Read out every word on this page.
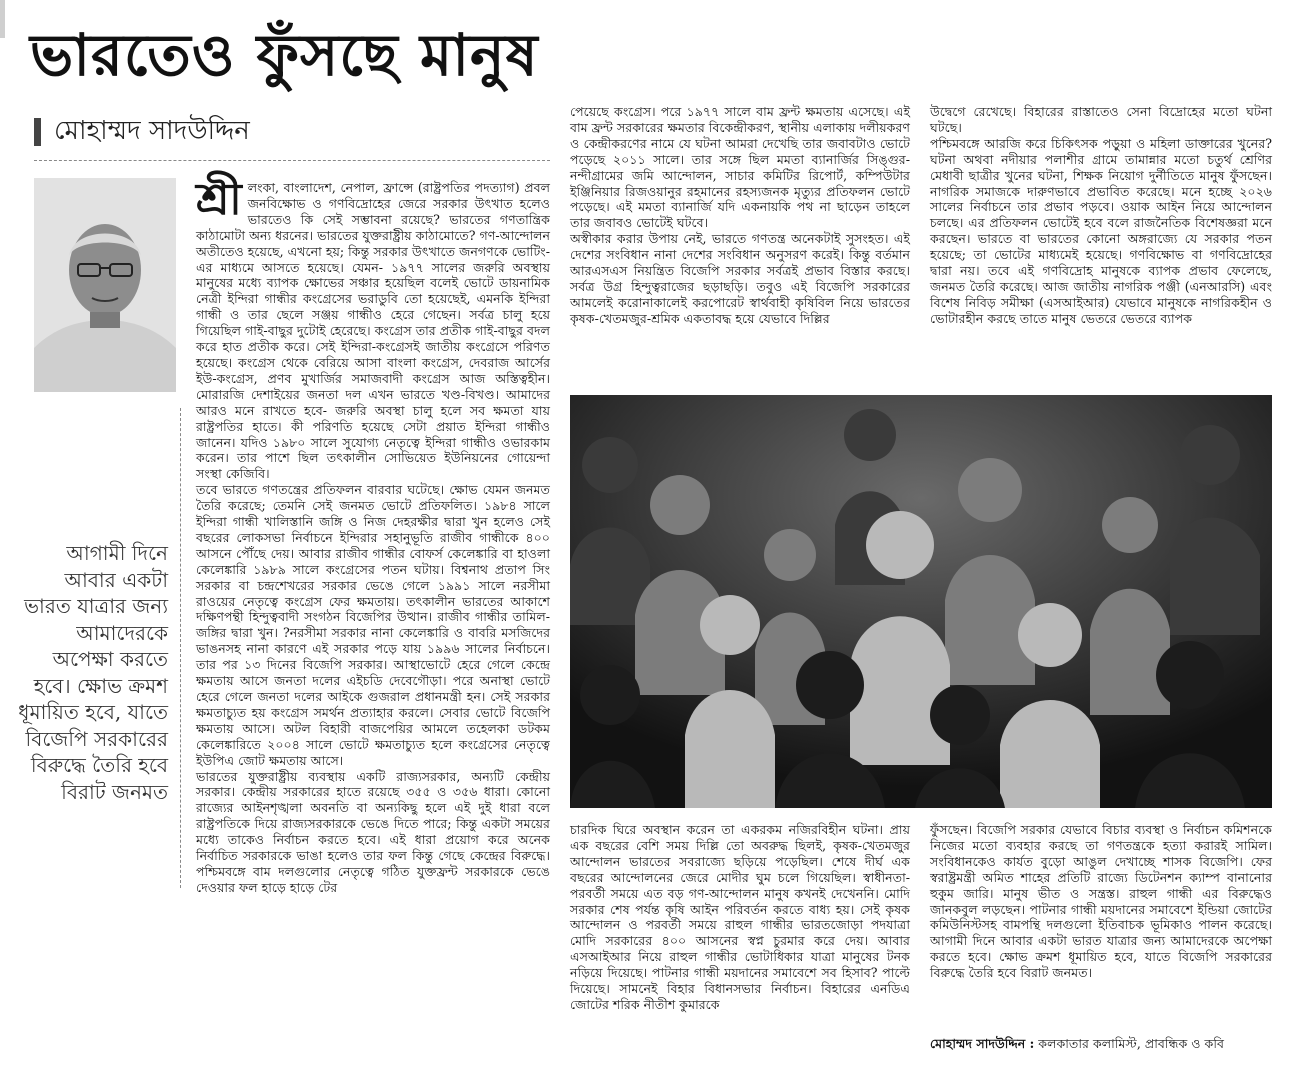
ভারতেও ফুঁসছে মানুষ
মোহাম্মদ সাদউদ্দিন
আগামী দিনে আবার একটা ভারত যাত্রার জন্য আমাদেরকে অপেক্ষা করতে হবে। ক্ষোভ ক্রমশ ধূমায়িত হবে, যাতে বিজেপি সরকারের বিরুদ্ধে তৈরি হবে বিরাট জনমত

শ্রী লংকা, বাংলাদেশ, নেপাল, ফ্রান্সে (রাষ্ট্রপতির পদত্যাগ) প্রবল জনবিক্ষোভ ও গণবিদ্রোহের জেরে সরকার উৎখাত হলেও ভারতেও কি সেই সম্ভাবনা রয়েছে? ভারতের গণতান্ত্রিক কাঠামোটা অন্য ধরনের। ভারতের যুক্তরাষ্ট্রীয় কাঠামোতে? গণ-আন্দোলন অতীতেও হয়েছে, এখনো হয়; কিন্তু সরকার উৎখাতে জনগণকে ভোটিং-এর মাধ্যমে আসতে হয়েছে। যেমন- ১৯৭৭ সালের জরুরি অবস্থায় মানুষের মধ্যে ব্যাপক ক্ষোভের সঞ্চার হয়েছিল বলেই ভোটে ডায়নামিক নেত্রী ইন্দিরা গান্ধীর কংগ্রেসের ভরাডুবি তো হয়েছেই, এমনকি ইন্দিরা গান্ধী ও তার ছেলে সঞ্জয় গান্ধীও হেরে গেছেন। সর্বত্র চালু হয়ে গিয়েছিল গাই-বাছুর দুটোই হেরেছে। কংগ্রেস তার প্রতীক গাই-বাছুর বদল করে হাত প্রতীক করে। সেই ইন্দিরা-কংগ্রেসই জাতীয় কংগ্রেসে পরিণত হয়েছে। কংগ্রেস থেকে বেরিয়ে আসা বাংলা কংগ্রেস, দেবরাজ আর্সের ইউ-কংগ্রেস, প্রণব মুখার্জির সমাজবাদী কংগ্রেস আজ অস্তিত্বহীন। মোরারজি দেশাইয়ের জনতা দল এখন ভারতে খণ্ড-বিখণ্ড। আমাদের আরও মনে রাখতে হবে- জরুরি অবস্থা চালু হলে সব ক্ষমতা যায় রাষ্ট্রপতির হাতে। কী পরিণতি হয়েছে সেটা প্রয়াত ইন্দিরা গান্ধীও জানেন। যদিও ১৯৮০ সালে সুযোগ্য নেতৃত্বে ইন্দিরা গান্ধীও ওভারকাম করেন। তার পাশে ছিল তৎকালীন সোভিয়েত ইউনিয়নের গোয়েন্দা সংস্থা কেজিবি।

তবে ভারতে গণতন্ত্রের প্রতিফলন বারবার ঘটেছে। ক্ষোভ যেমন জনমত তৈরি করেছে; তেমনি সেই জনমত ভোটে প্রতিফলিত। ১৯৮৪ সালে ইন্দিরা গান্ধী খালিস্তানি জঙ্গি ও নিজ দেহরক্ষীর দ্বারা খুন হলেও সেই বছরের লোকসভা নির্বাচনে ইন্দিরার সহানুভূতি রাজীব গান্ধীকে ৪০০ আসনে পৌঁছে দেয়। আবার রাজীব গান্ধীর বোফর্স কেলেঙ্কারি বা হাওলা কেলেঙ্কারি ১৯৮৯ সালে কংগ্রেসের পতন ঘটায়। বিশ্বনাথ প্রতাপ সিং সরকার বা চন্দ্রশেখরের সরকার ভেঙে গেলে ১৯৯১ সালে নরসীমা রাওয়ের নেতৃত্বে কংগ্রেস ফের ক্ষমতায়। তৎকালীন ভারতের আকাশে দক্ষিণপন্থী হিন্দুত্ববাদী সংগঠন বিজেপির উত্থান। রাজীব গান্ধীর তামিল-জঙ্গির দ্বারা খুন। ?নরসীমা সরকার নানা কেলেঙ্কারি ও বাবরি মসজিদের ভাঙনসহ নানা কারণে এই সরকার পড়ে যায় ১৯৯৬ সালের নির্বাচনে। তার পর ১৩ দিনের বিজেপি সরকার। আস্থাভোটে হেরে গেলে কেন্দ্রে ক্ষমতায় আসে জনতা দলের এইচডি দেবেগৌড়া। পরে অনাস্থা ভোটে হেরে গেলে জনতা দলের আইকে গুজরাল প্রধানমন্ত্রী হন। সেই সরকার ক্ষমতাচ্যুত হয় কংগ্রেস সমর্থন প্রত্যাহার করলে। সেবার ভোটে বিজেপি ক্ষমতায় আসে। অটল বিহারী বাজপেয়ির আমলে তহেলকা ডটকম কেলেঙ্কারিতে ২০০৪ সালে ভোটে ক্ষমতাচ্যুত হলে কংগ্রেসের নেতৃত্বে ইউপিএ জোট ক্ষমতায় আসে।

ভারতের যুক্তরাষ্ট্রীয় ব্যবস্থায় একটি রাজ্যসরকার, অন্যটি কেন্দ্রীয় সরকার। কেন্দ্রীয় সরকারের হাতে রয়েছে ৩৫৫ ও ৩৫৬ ধারা। কোনো রাজ্যের আইনশৃঙ্খলা অবনতি বা অন্যকিছু হলে এই দুই ধারা বলে রাষ্ট্রপতিকে দিয়ে রাজ্যসরকারকে ভেঙে দিতে পারে; কিন্তু একটা সময়ের মধ্যে তাকেও নির্বাচন করতে হবে। এই ধারা প্রয়োগ করে অনেক নির্বাচিত সরকারকে ভাঙা হলেও তার ফল কিন্তু গেছে কেন্দ্রের বিরুদ্ধে। পশ্চিমবঙ্গে বাম দলগুলোর নেতৃত্বে গঠিত যুক্তফ্রন্ট সরকারকে ভেঙে দেওয়ার ফল হাড়ে হাড়ে টের

পেয়েছে কংগ্রেস। পরে ১৯৭৭ সালে বাম ফ্রন্ট ক্ষমতায় এসেছে। এই বাম ফ্রন্ট সরকারের ক্ষমতার বিকেন্দ্রীকরণ, স্থানীয় এলাকায় দলীয়করণ ও কেন্দ্রীকরণের নামে যে ঘটনা আমরা দেখেছি তার জবাবটাও ভোটে পড়েছে ২০১১ সালে। তার সঙ্গে ছিল মমতা ব্যানার্জির সিঙ্গুর-নন্দীগ্রামের জমি আন্দোলন, সাচার কমিটির রিপোর্ট, কম্পিউটার ইঞ্জিনিয়ার রিজওয়ানুর রহমানের রহস্যজনক মৃত্যুর প্রতিফলন ভোটে পড়েছে। এই মমতা ব্যানার্জি যদি একনায়কি পথ না ছাড়েন তাহলে তার জবাবও ভোটেই ঘটবে।

অস্বীকার করার উপায় নেই, ভারতে গণতন্ত্র অনেকটাই সুসংহত। এই দেশের সংবিধান নানা দেশের সংবিধান অনুসরণ করেই। কিন্তু বর্তমান আরএসএস নিয়ন্ত্রিত বিজেপি সরকার সর্বত্রই প্রভাব বিস্তার করছে। সর্বত্র উগ্র হিন্দুত্বরাজের ছড়াছড়ি। তবুও এই বিজেপি সরকারের আমলেই করোনাকালেই করপোরেট স্বার্থবাহী কৃষিবিল নিয়ে ভারতের কৃষক-খেতমজুর-শ্রমিক একতাবদ্ধ হয়ে যেভাবে দিল্লির

উদ্বেগে রেখেছে। বিহারের রাস্তাতেও সেনা বিদ্রোহের মতো ঘটনা ঘটছে।

পশ্চিমবঙ্গে আরজি করে চিকিৎসক পড়ুয়া ও মহিলা ডাক্তারের খুনের? ঘটনা অথবা নদীয়ার পলাশীর গ্রামে তামান্নার মতো চতুর্থ শ্রেণির মেধাবী ছাত্রীর খুনের ঘটনা, শিক্ষক নিয়োগ দুর্নীতিতে মানুষ ফুঁসছেন। নাগরিক সমাজকে দারুণভাবে প্রভাবিত করেছে। মনে হচ্ছে ২০২৬ সালের নির্বাচনে তার প্রভাব পড়বে। ওয়াক আইন নিয়ে আন্দোলন চলছে। এর প্রতিফলন ভোটেই হবে বলে রাজনৈতিক বিশেষজ্ঞরা মনে করছেন। ভারতে বা ভারতের কোনো অঙ্গরাজ্যে যে সরকার পতন হয়েছে; তা ভোটের মাধ্যমেই হয়েছে। গণবিক্ষোভ বা গণবিদ্রোহের দ্বারা নয়। তবে এই গণবিদ্রোহ মানুষকে ব্যাপক প্রভাব ফেলেছে, জনমত তৈরি করেছে। আজ জাতীয় নাগরিক পঞ্জী (এনআরসি) এবং বিশেষ নিবিড় সমীক্ষা (এসআইআর) যেভাবে মানুষকে নাগরিকহীন ও ভোটারহীন করছে তাতে মানুষ ভেতরে ভেতরে ব্যাপক

চারদিক ঘিরে অবস্থান করেন তা একরকম নজিরবিহীন ঘটনা। প্রায় এক বছরের বেশি সময় দিল্লি তো অবরুদ্ধ ছিলই, কৃষক-খেতমজুর আন্দোলন ভারতের সবরাজ্যে ছড়িয়ে পড়েছিল। শেষে দীর্ঘ এক বছরের আন্দোলনের জেরে মোদীর ঘুম চলে গিয়েছিল। স্বাধীনতা-পরবর্তী সময়ে এত বড় গণ-আন্দোলন মানুষ কখনই দেখেননি। মোদি সরকার শেষ পর্যন্ত কৃষি আইন পরিবর্তন করতে বাধ্য হয়। সেই কৃষক আন্দোলন ও পরবর্তী সময়ে রাহুল গান্ধীর ভারতজোড়া পদযাত্রা মোদি সরকারের ৪০০ আসনের স্বপ্ন চুরমার করে দেয়। আবার এসআইআর নিয়ে রাহুল গান্ধীর ভোটাধিকার যাত্রা মানুষের টনক নড়িয়ে দিয়েছে। পাটনার গান্ধী ময়দানের সমাবেশে সব হিসাব? পাল্টে দিয়েছে। সামনেই বিহার বিধানসভার নির্বাচন। বিহারের এনডিএ জোটের শরিক নীতীশ কুমারকে

ফুঁসছেন। বিজেপি সরকার যেভাবে বিচার ব্যবস্থা ও নির্বাচন কমিশনকে নিজের মতো ব্যবহার করছে তা গণতন্ত্রকে হত্যা করারই সামিল। সংবিধানকেও কার্যত বুড়ো আঙুল দেখাচ্ছে শাসক বিজেপি। ফের স্বরাষ্ট্রমন্ত্রী অমিত শাহের প্রতিটি রাজ্যে ডিটেনশন ক্যাম্প বানানোর হুকুম জারি। মানুষ ভীত ও সন্ত্রস্ত। রাহুল গান্ধী এর বিরুদ্ধেও জানকবুল লড়ছেন। পাটনার গান্ধী ময়দানের সমাবেশে ইন্ডিয়া জোটের কমিউনিস্টসহ বামপন্থি দলগুলো ইতিবাচক ভূমিকাও পালন করেছে। আগামী দিনে আবার একটা ভারত যাত্রার জন্য আমাদেরকে অপেক্ষা করতে হবে। ক্ষোভ ক্রমশ ধূমায়িত হবে, যাতে বিজেপি সরকারের বিরুদ্ধে তৈরি হবে বিরাট জনমত।

মোহাম্মদ সাদউদ্দিন : কলকাতার কলামিস্ট, প্রাবন্ধিক ও কবি
